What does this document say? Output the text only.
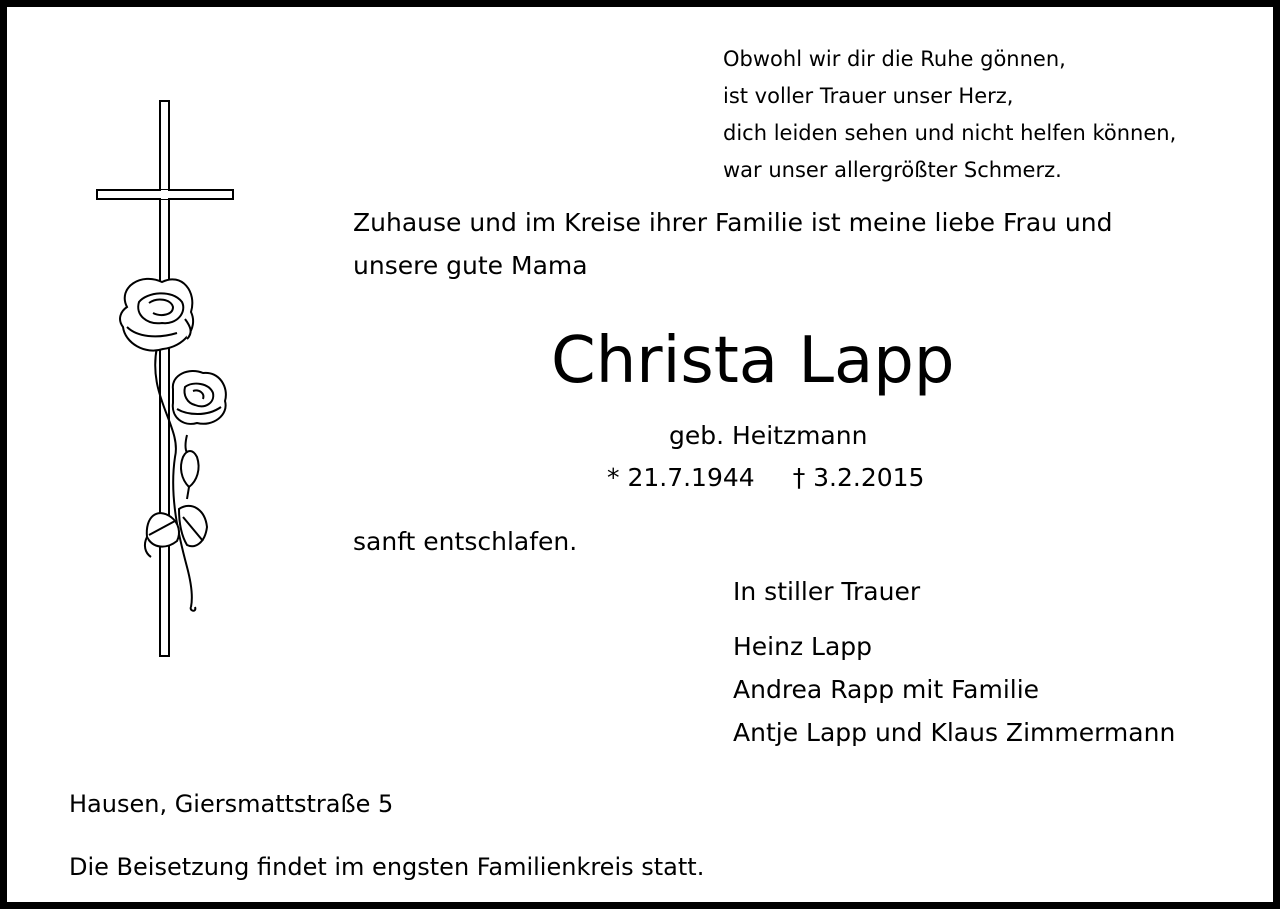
Obwohl wir dir die Ruhe gönnen,
ist voller Trauer unser Herz,
dich leiden sehen und nicht helfen können,
war unser allergrößter Schmerz.
Zuhause und im Kreise ihrer Familie ist meine liebe Frau und
unsere gute Mama
Christa Lapp
geb. Heitzmann
* 21.7.1944 † 3.2.2015
sanft entschlafen.
In stiller Trauer
Heinz Lapp
Andrea Rapp mit Familie
Antje Lapp und Klaus Zimmermann
Hausen, Giersmattstraße 5
Die Beisetzung findet im engsten Familienkreis statt.
